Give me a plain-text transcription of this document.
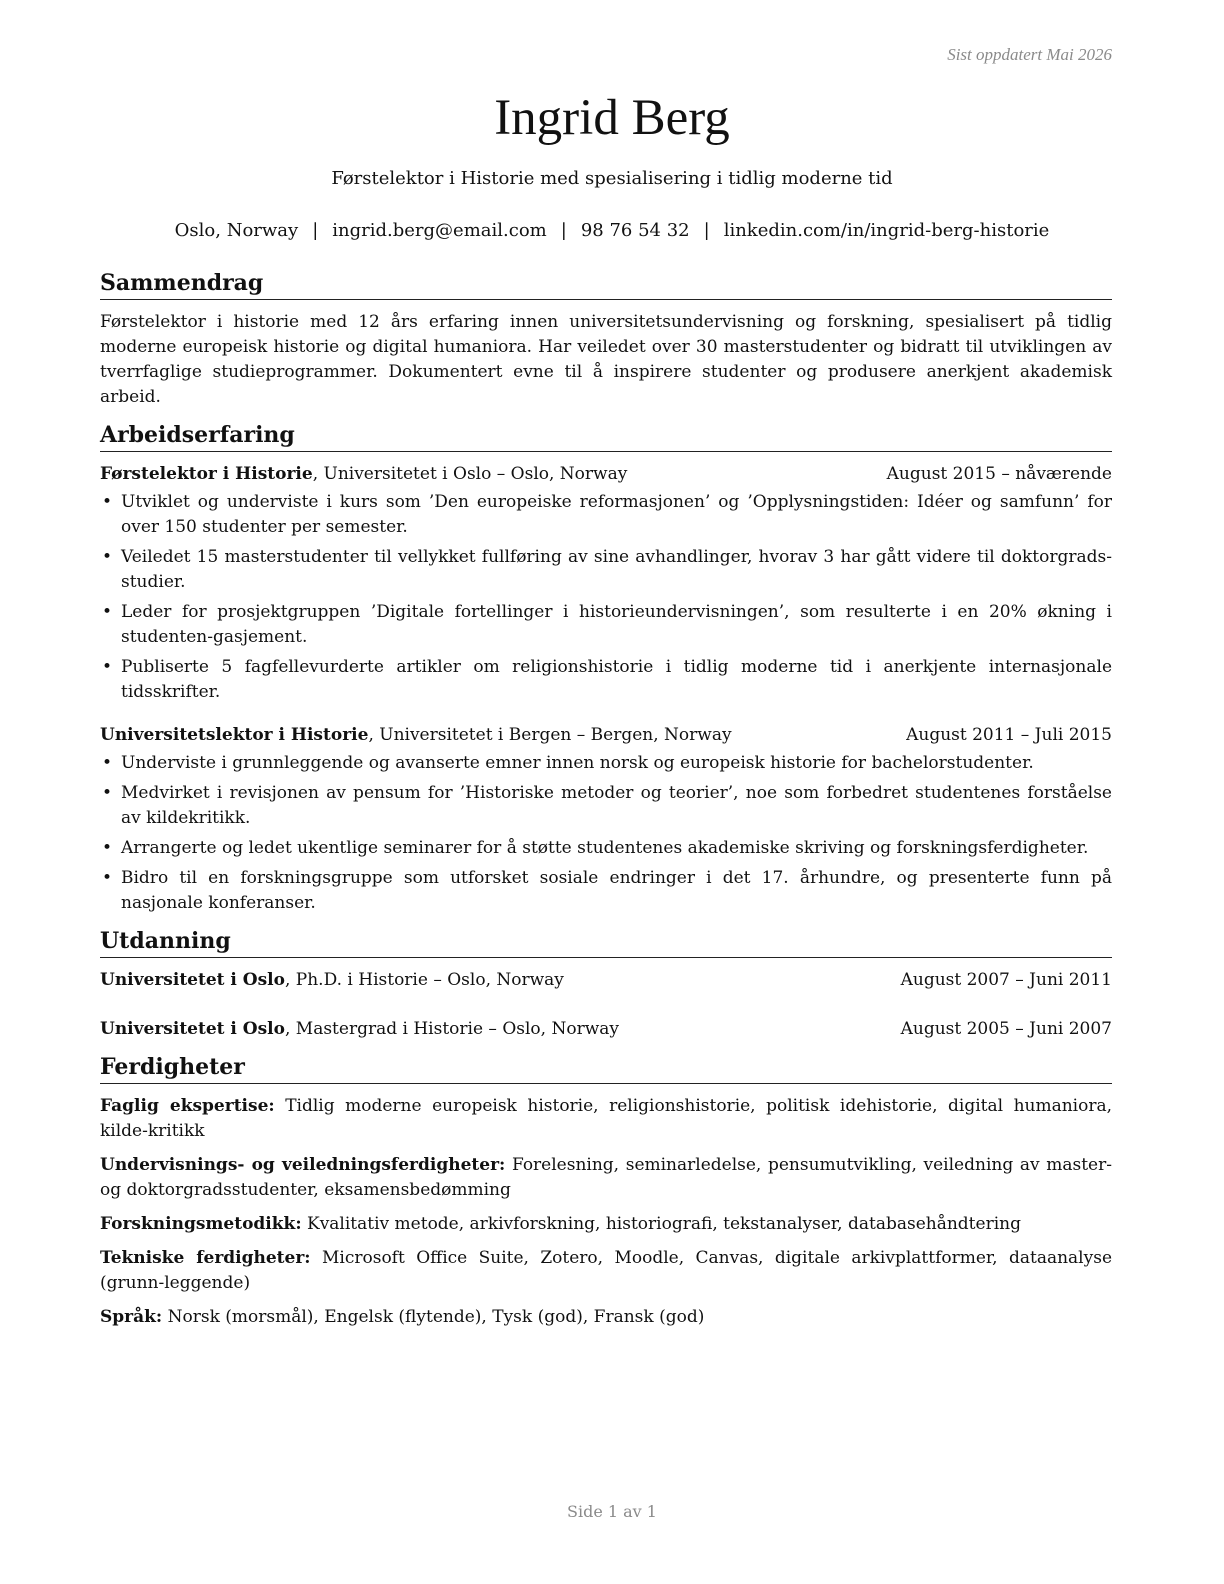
Sist oppdatert Mai 2026
Ingrid Berg
Førstelektor i Historie med spesialisering i tidlig moderne tid
Oslo, Norway | ingrid.berg@email.com | 98 76 54 32 | linkedin.com/in/ingrid-berg-historie
Sammendrag

Førstelektor i historie med 12 års erfaring innen universitetsundervisning og forskning, spesialisert på tidlig moderne europeisk historie og digital humaniora. Har veiledet over 30 masterstudenter og bidratt til utviklingen av tverrfaglige studieprogrammer. Dokumentert evne til å inspirere studenter og produsere anerkjent akademisk arbeid.

Arbeidserfaring
Førstelektor i Historie, Universitetet i Oslo – Oslo, Norway	August 2015 – nåværende
• Utviklet og underviste i kurs som ’Den europeiske reformasjonen’ og ’Opplysningstiden: Idéer og samfunn’ for over 150 studenter per semester.
• Veiledet 15 masterstudenter til vellykket fullføring av sine avhandlinger, hvorav 3 har gått videre til doktorgrads-studier.
• Leder for prosjektgruppen ’Digitale fortellinger i historieundervisningen’, som resulterte i en 20% økning i studenten-gasjement.
• Publiserte 5 fagfellevurderte artikler om religionshistorie i tidlig moderne tid i anerkjente internasjonale tidsskrifter.
Universitetslektor i Historie, Universitetet i Bergen – Bergen, Norway	August 2011 – Juli 2015
• Underviste i grunnleggende og avanserte emner innen norsk og europeisk historie for bachelorstudenter.
• Medvirket i revisjonen av pensum for ’Historiske metoder og teorier’, noe som forbedret studentenes forståelse av kildekritikk.
• Arrangerte og ledet ukentlige seminarer for å støtte studentenes akademiske skriving og forskningsferdigheter.
• Bidro til en forskningsgruppe som utforsket sosiale endringer i det 17. århundre, og presenterte funn på nasjonale konferanser.
Utdanning
Universitetet i Oslo, Ph.D. i Historie – Oslo, Norway	August 2007 – Juni 2011
Universitetet i Oslo, Mastergrad i Historie – Oslo, Norway	August 2005 – Juni 2007
Ferdigheter

Faglig ekspertise: Tidlig moderne europeisk historie, religionshistorie, politisk idehistorie, digital humaniora, kilde-kritikk

Undervisnings- og veiledningsferdigheter: Forelesning, seminarledelse, pensumutvikling, veiledning av master- og doktorgradsstudenter, eksamensbedømming

Forskningsmetodikk: Kvalitativ metode, arkivforskning, historiografi, tekstanalyser, databasehåndtering

Tekniske ferdigheter: Microsoft Office Suite, Zotero, Moodle, Canvas, digitale arkivplattformer, dataanalyse (grunn-leggende)

Språk: Norsk (morsmål), Engelsk (flytende), Tysk (god), Fransk (god)

Side 1 av 1
